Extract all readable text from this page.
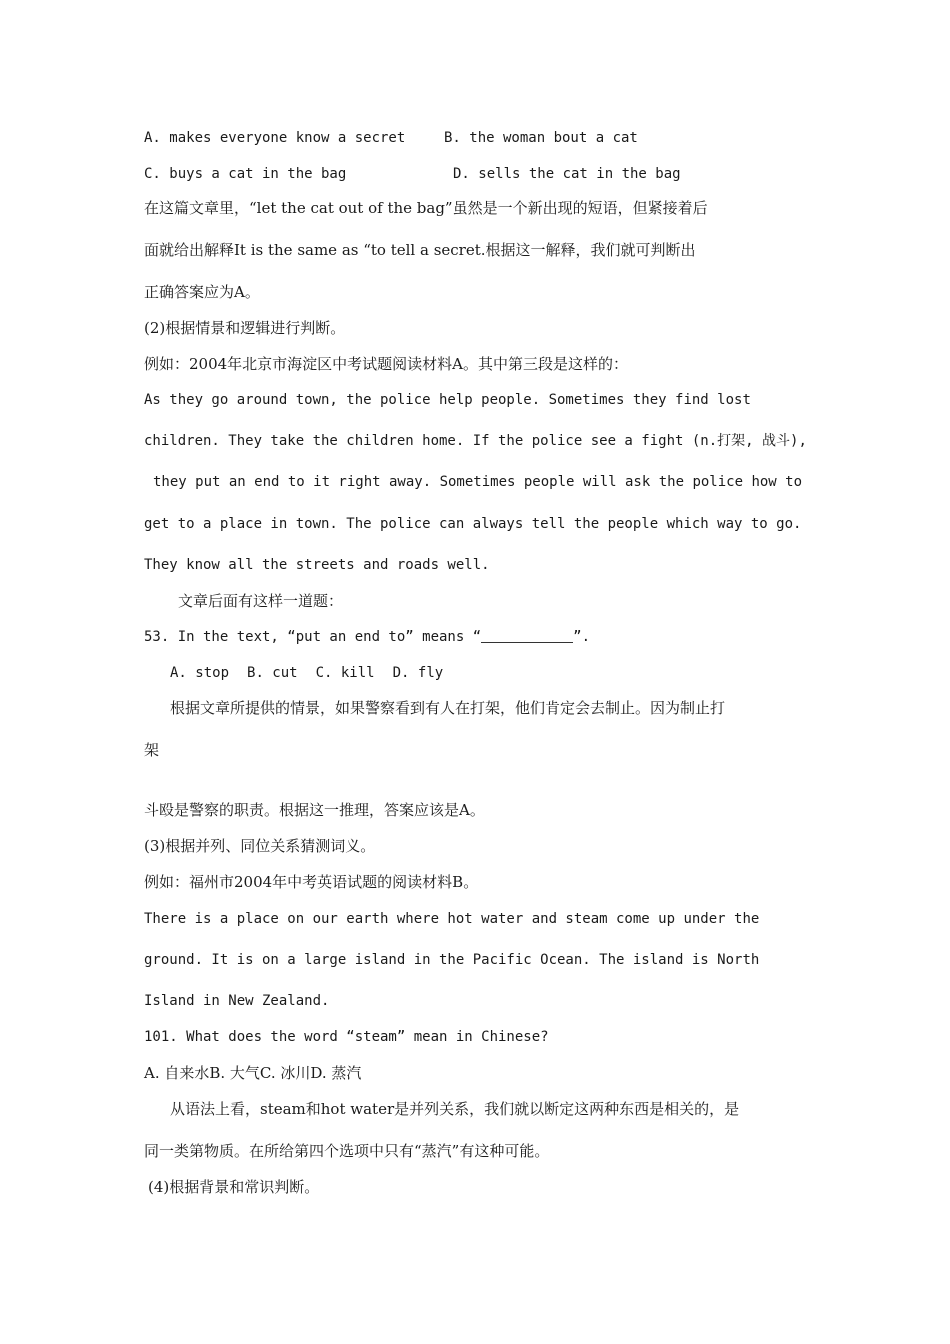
A. makes everyone know a secret	B. the woman bout a cat
C. buys a cat in the bag	D. sells the cat in the bag
在这篇文章里，“let the cat out of the bag”虽然是一个新出现的短语，但紧接着后
面就给出解释It is the same as “to tell a secret.根据这一解释，我们就可判断出
正确答案应为A。
(2)根据情景和逻辑进行判断。
例如：2004年北京市海淀区中考试题阅读材料A。其中第三段是这样的：
As they go around town, the police help people. Sometimes they find lost
children. They take the children home. If the police see a fight (n.打架, 战斗),
they put an end to it right away. Sometimes people will ask the police how to
get to a place in town. The police can always tell the people which way to go.
They know all the streets and roads well.
文章后面有这样一道题：
53. In the text, “put an end to” means “	”.
A. stop B. cut C. kill D. fly
根据文章所提供的情景，如果警察看到有人在打架，他们肯定会去制止。因为制止打
架
斗殴是警察的职责。根据这一推理，答案应该是A。
(3)根据并列、同位关系猜测词义。
例如：福州市2004年中考英语试题的阅读材料B。
There is a place on our earth where hot water and steam come up under the
ground. It is on a large island in the Pacific Ocean. The island is North
Island in New Zealand.
101. What does the word “steam” mean in Chinese?
A. 自来水B. 大气C. 冰川D. 蒸汽
从语法上看，steam和hot water是并列关系，我们就以断定这两种东西是相关的，是
同一类第物质。在所给第四个选项中只有“蒸汽”有这种可能。
(4)根据背景和常识判断。
